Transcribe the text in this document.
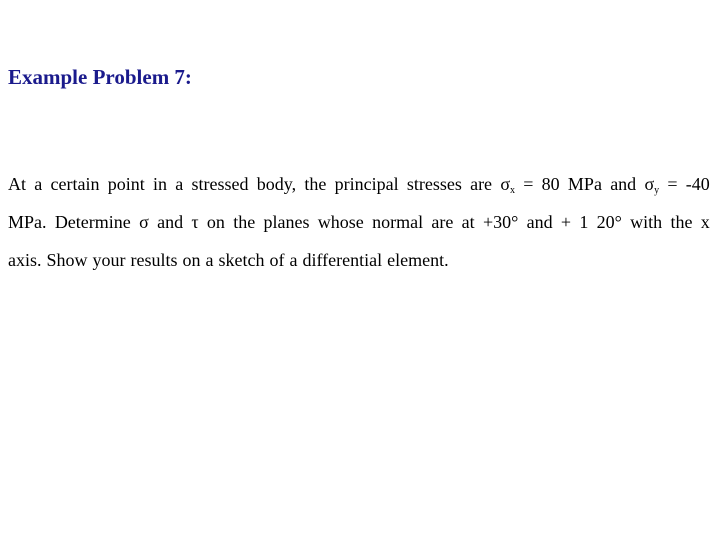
Example Problem 7:
At a certain point in a stressed body, the principal stresses are $\sigma_x = 80$ MPa and $\sigma_y = -40$
MPa. Determine σ and τ on the planes whose normal are at +30° and + 1 20° with the x
axis. Show your results on a sketch of a differential element.
